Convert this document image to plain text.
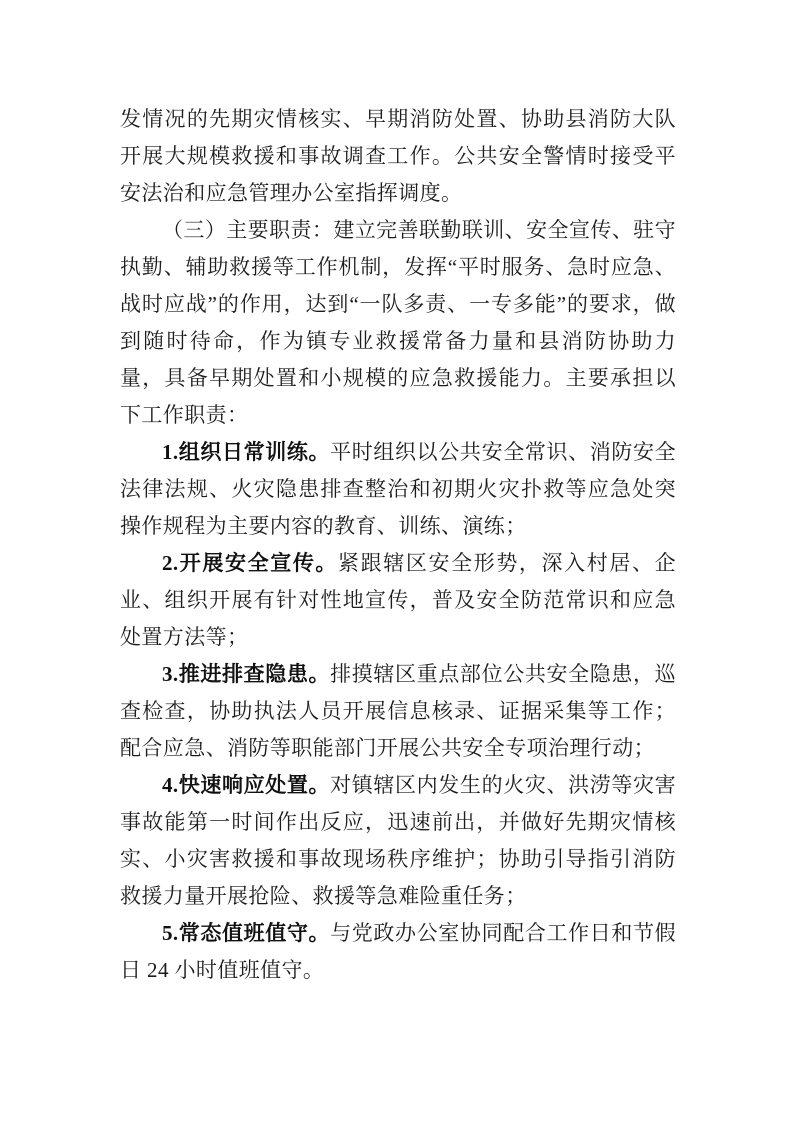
发情况的先期灾情核实、早期消防处置、协助县消防大队开展大规模救援和事故调查工作。公共安全警情时接受平安法治和应急管理办公室指挥调度。

（三）主要职责：建立完善联勤联训、安全宣传、驻守执勤、辅助救援等工作机制，发挥“平时服务、急时应急、战时应战”的作用，达到“一队多责、一专多能”的要求，做到随时待命，作为镇专业救援常备力量和县消防协助力量，具备早期处置和小规模的应急救援能力。主要承担以下工作职责：

1.组织日常训练。平时组织以公共安全常识、消防安全法律法规、火灾隐患排查整治和初期火灾扑救等应急处突操作规程为主要内容的教育、训练、演练；

2.开展安全宣传。紧跟辖区安全形势，深入村居、企业、组织开展有针对性地宣传，普及安全防范常识和应急处置方法等；

3.推进排查隐患。排摸辖区重点部位公共安全隐患，巡查检查，协助执法人员开展信息核录、证据采集等工作；配合应急、消防等职能部门开展公共安全专项治理行动；

4.快速响应处置。对镇辖区内发生的火灾、洪涝等灾害事故能第一时间作出反应，迅速前出，并做好先期灾情核实、小灾害救援和事故现场秩序维护；协助引导指引消防救援力量开展抢险、救援等急难险重任务；

5.常态值班值守。与党政办公室协同配合工作日和节假日 24 小时值班值守。
